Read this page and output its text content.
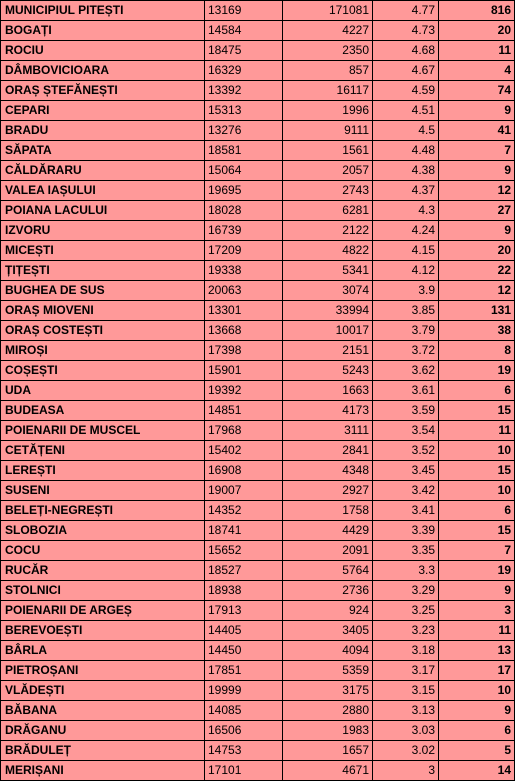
MUNICIPIUL PITEȘTI	13169	171081	4.77	816
BOGAȚI	14584	4227	4.73	20
ROCIU	18475	2350	4.68	11
DÂMBOVICIOARA	16329	857	4.67	4
ORAȘ ȘTEFĂNEȘTI	13392	16117	4.59	74
CEPARI	15313	1996	4.51	9
BRADU	13276	9111	4.5	41
SĂPATA	18581	1561	4.48	7
CĂLDĂRARU	15064	2057	4.38	9
VALEA IAȘULUI	19695	2743	4.37	12
POIANA LACULUI	18028	6281	4.3	27
IZVORU	16739	2122	4.24	9
MICEȘTI	17209	4822	4.15	20
ȚIȚEȘTI	19338	5341	4.12	22
BUGHEA DE SUS	20063	3074	3.9	12
ORAȘ MIOVENI	13301	33994	3.85	131
ORAȘ COSTEȘTI	13668	10017	3.79	38
MIROȘI	17398	2151	3.72	8
COȘEȘTI	15901	5243	3.62	19
UDA	19392	1663	3.61	6
BUDEASA	14851	4173	3.59	15
POIENARII DE MUSCEL	17968	3111	3.54	11
CETĂȚENI	15402	2841	3.52	10
LEREȘTI	16908	4348	3.45	15
SUSENI	19007	2927	3.42	10
BELEȚI-NEGREȘTI	14352	1758	3.41	6
SLOBOZIA	18741	4429	3.39	15
COCU	15652	2091	3.35	7
RUCĂR	18527	5764	3.3	19
STOLNICI	18938	2736	3.29	9
POIENARII DE ARGEȘ	17913	924	3.25	3
BEREVOEȘTI	14405	3405	3.23	11
BÂRLA	14450	4094	3.18	13
PIETROȘANI	17851	5359	3.17	17
VLĂDEȘTI	19999	3175	3.15	10
BĂBANA	14085	2880	3.13	9
DRĂGANU	16506	1983	3.03	6
BRĂDULEȚ	14753	1657	3.02	5
MERIȘANI	17101	4671	3	14
